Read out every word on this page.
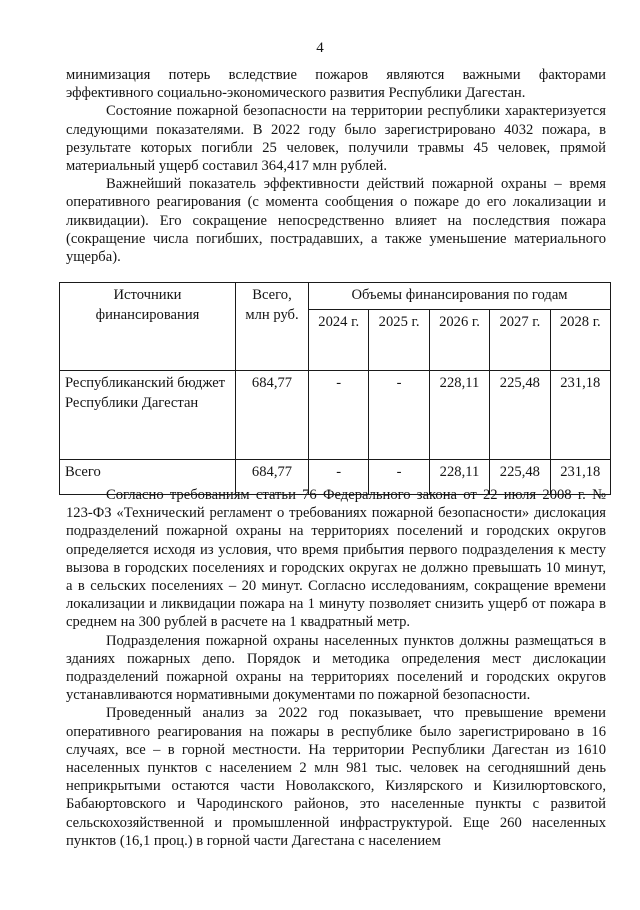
4

минимизация потерь вследствие пожаров являются важными факторами эффективного социально-экономического развития Республики Дагестан.

Состояние пожарной безопасности на территории республики характеризуется следующими показателями. В 2022 году было зарегистрировано 4032 пожара, в результате которых погибли 25 человек, получили травмы 45 человек, прямой материальный ущерб составил 364,417 млн рублей.

Важнейший показатель эффективности действий пожарной охраны – время оперативного реагирования (с момента сообщения о пожаре до его локализации и ликвидации). Его сокращение непосредственно влияет на последствия пожара (сокращение числа погибших, пострадавших, а также уменьшение материального ущерба).

Источники финансирования	Всего, млн руб.	Объемы финансирования по годам				
		2024 г.	2025 г.	2026 г.	2027 г.	2028 г.
Республиканский бюджет Республики Дагестан	684,77	-	-	228,11	225,48	231,18
Всего	684,77	-	-	228,11	225,48	231,18

Согласно требованиям статьи 76 Федерального закона от 22 июля 2008 г. № 123-ФЗ «Технический регламент о требованиях пожарной безопасности» дислокация подразделений пожарной охраны на территориях поселений и городских округов определяется исходя из условия, что время прибытия первого подразделения к месту вызова в городских поселениях и городских округах не должно превышать 10 минут, а в сельских поселениях – 20 минут. Согласно исследованиям, сокращение времени локализации и ликвидации пожара на 1 минуту позволяет снизить ущерб от пожара в среднем на 300 рублей в расчете на 1 квадратный метр.

Подразделения пожарной охраны населенных пунктов должны размещаться в зданиях пожарных депо. Порядок и методика определения мест дислокации подразделений пожарной охраны на территориях поселений и городских округов устанавливаются нормативными документами по пожарной безопасности.

Проведенный анализ за 2022 год показывает, что превышение времени оперативного реагирования на пожары в республике было зарегистрировано в 16 случаях, все – в горной местности. На территории Республики Дагестан из 1610 населенных пунктов с населением 2 млн 981 тыс. человек на сегодняшний день неприкрытыми остаются части Новолакского, Кизлярского и Кизилюртовского, Бабаюртовского и Чародинского районов, это населенные пункты с развитой сельскохозяйственной и промышленной инфраструктурой. Еще 260 населенных пунктов (16,1 проц.) в горной части Дагестана с населением
